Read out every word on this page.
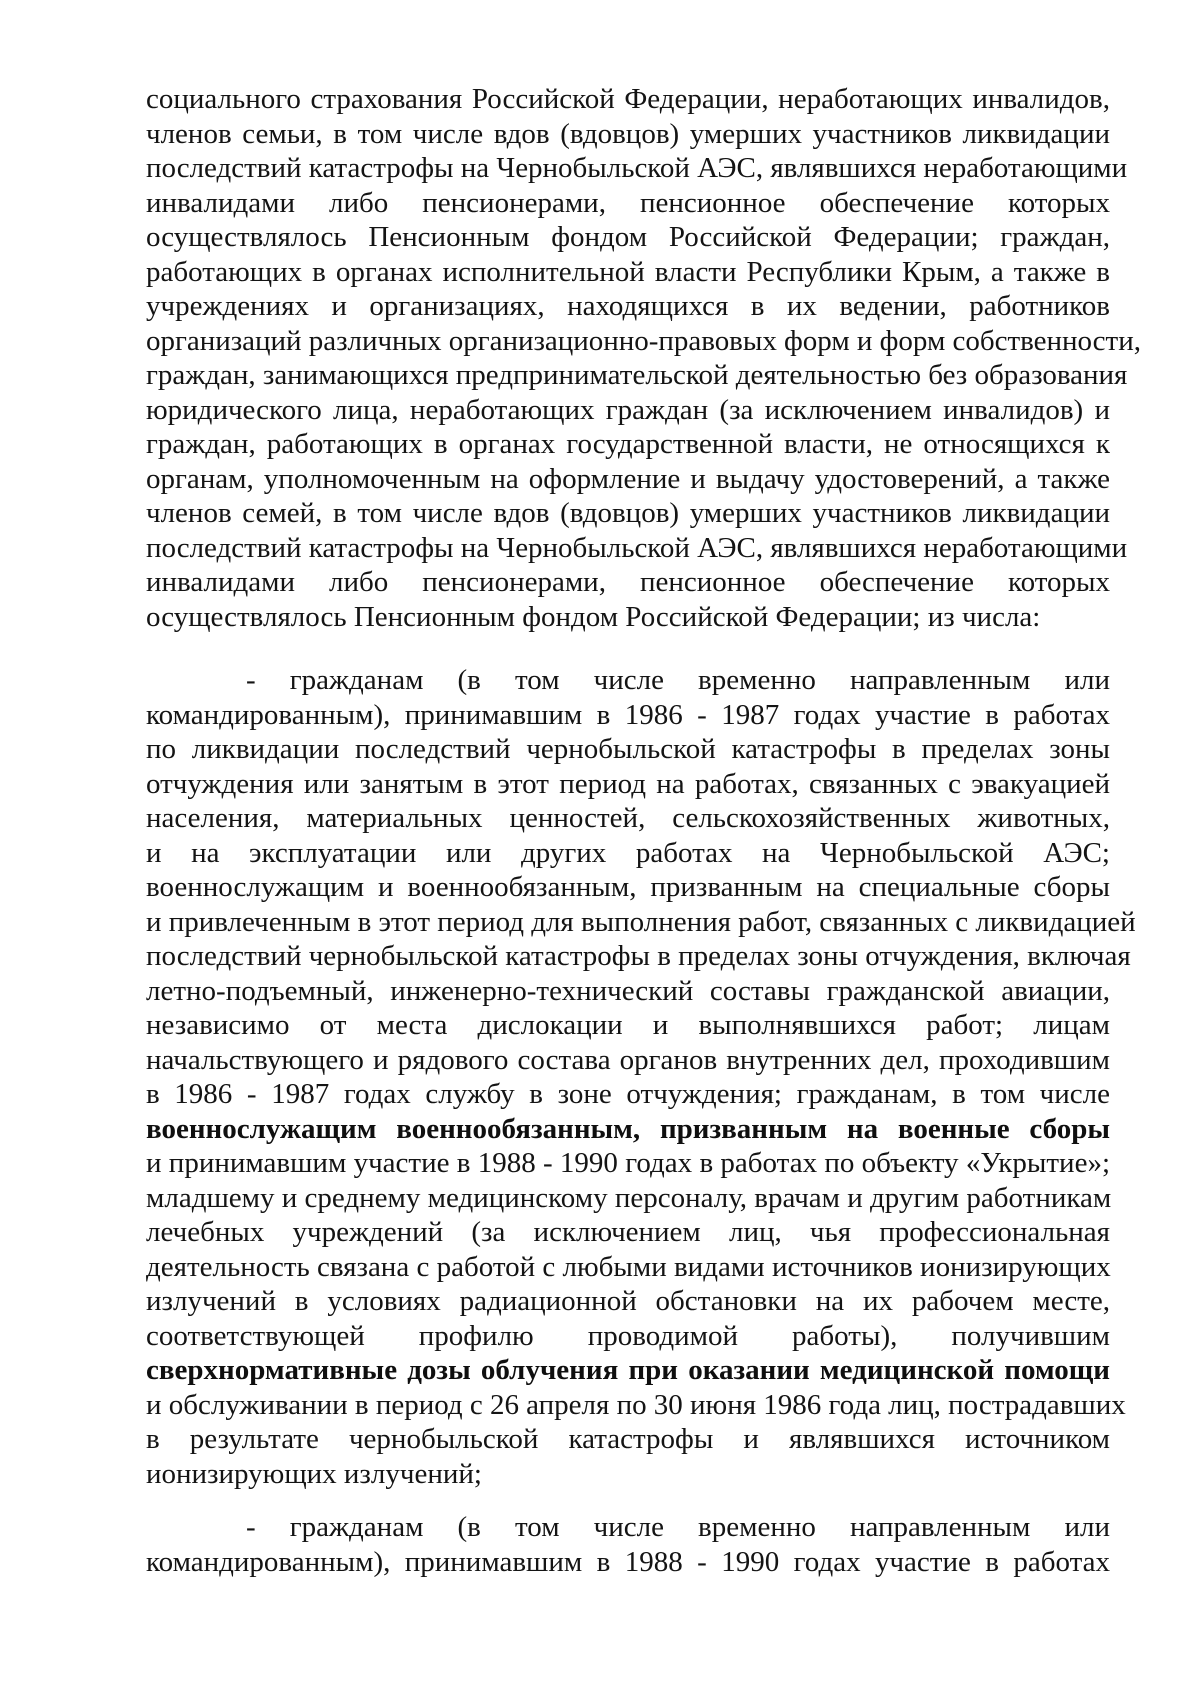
социального страхования Российской Федерации, неработающих инвалидов,
членов семьи, в том числе вдов (вдовцов) умерших участников ликвидации
последствий катастрофы на Чернобыльской АЭС, являвшихся неработающими
инвалидами либо пенсионерами, пенсионное обеспечение которых
осуществлялось Пенсионным фондом Российской Федерации; граждан,
работающих в органах исполнительной власти Республики Крым, а также в
учреждениях и организациях, находящихся в их ведении, работников
организаций различных организационно-правовых форм и форм собственности,
граждан, занимающихся предпринимательской деятельностью без образования
юридического лица, неработающих граждан (за исключением инвалидов) и
граждан, работающих в органах государственной власти, не относящихся к
органам, уполномоченным на оформление и выдачу удостоверений, а также
членов семей, в том числе вдов (вдовцов) умерших участников ликвидации
последствий катастрофы на Чернобыльской АЭС, являвшихся неработающими
инвалидами либо пенсионерами, пенсионное обеспечение которых
осуществлялось Пенсионным фондом Российской Федерации; из числа:
- гражданам (в том числе временно направленным или
командированным), принимавшим в 1986 - 1987 годах участие в работах
по ликвидации последствий чернобыльской катастрофы в пределах зоны
отчуждения или занятым в этот период на работах, связанных с эвакуацией
населения, материальных ценностей, сельскохозяйственных животных,
и на эксплуатации или других работах на Чернобыльской АЭС;
военнослужащим и военнообязанным, призванным на специальные сборы
и привлеченным в этот период для выполнения работ, связанных с ликвидацией
последствий чернобыльской катастрофы в пределах зоны отчуждения, включая
летно-подъемный, инженерно-технический составы гражданской авиации,
независимо от места дислокации и выполнявшихся работ; лицам
начальствующего и рядового состава органов внутренних дел, проходившим
в 1986 - 1987 годах службу в зоне отчуждения; гражданам, в том числе
военнослужащим военнообязанным, призванным на военные сборы
и принимавшим участие в 1988 - 1990 годах в работах по объекту «Укрытие»;
младшему и среднему медицинскому персоналу, врачам и другим работникам
лечебных учреждений (за исключением лиц, чья профессиональная
деятельность связана с работой с любыми видами источников ионизирующих
излучений в условиях радиационной обстановки на их рабочем месте,
соответствующей профилю проводимой работы), получившим
сверхнормативные дозы облучения при оказании медицинской помощи
и обслуживании в период с 26 апреля по 30 июня 1986 года лиц, пострадавших
в результате чернобыльской катастрофы и являвшихся источником
ионизирующих излучений;
- гражданам (в том числе временно направленным или
командированным), принимавшим в 1988 - 1990 годах участие в работах
